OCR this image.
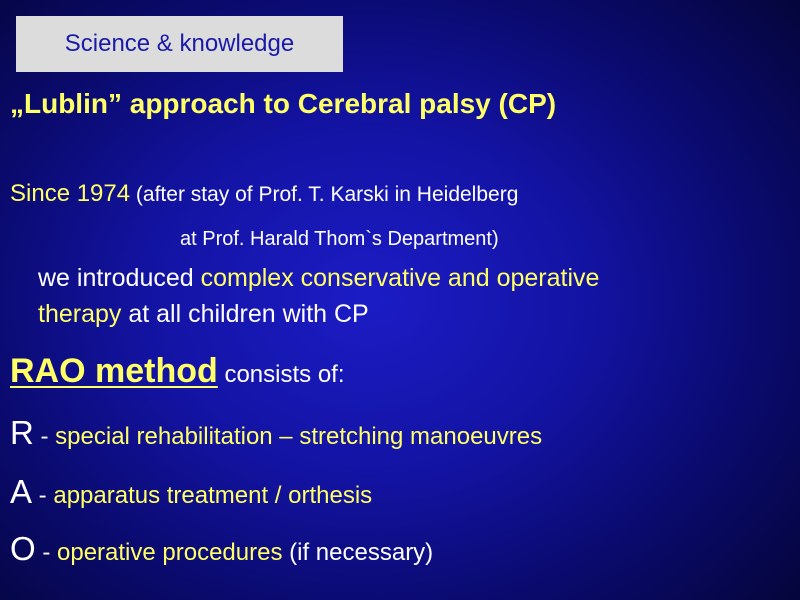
Science & knowledge
„Lublin” approach to Cerebral palsy (CP)
Since 1974 (after stay of Prof. T. Karski in Heidelberg
at Prof. Harald Thom`s Department)
we introduced complex conservative and operative
therapy at all children with CP
RAO method consists of:
R - special rehabilitation – stretching manoeuvres
A - apparatus treatment / orthesis
O - operative procedures (if necessary)
